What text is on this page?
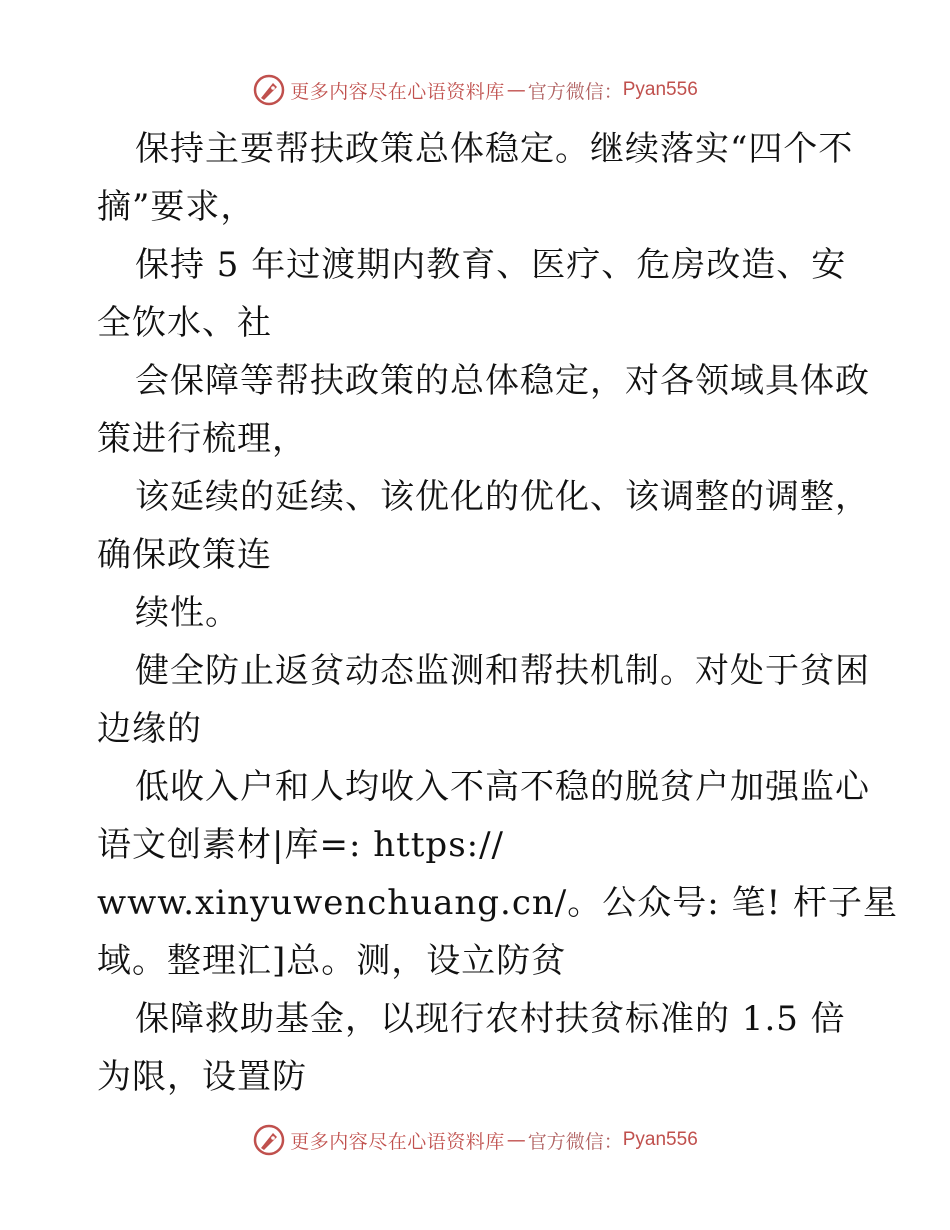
更多内容尽在心语资料库 — 官方微信： Pyan556
保持主要帮扶政策总体稳定。继续落实“四个不
摘”要求，
保持 5 年过渡期内教育、医疗、危房改造、安
全饮水、社
会保障等帮扶政策的总体稳定，对各领域具体政
策进行梳理，
该延续的延续、该优化的优化、该调整的调整，
确保政策连
续性。
健全防止返贫动态监测和帮扶机制。对处于贫困
边缘的
低收入户和人均收入不高不稳的脱贫户加强监心
语文创素材|库=: https://
www.xinyuwenchuang.cn/。公众号: 笔! 杆子星
域。整理汇]总。测，设立防贫
保障救助基金，以现行农村扶贫标准的 1.5 倍
为限，设置防
更多内容尽在心语资料库 — 官方微信： Pyan556
